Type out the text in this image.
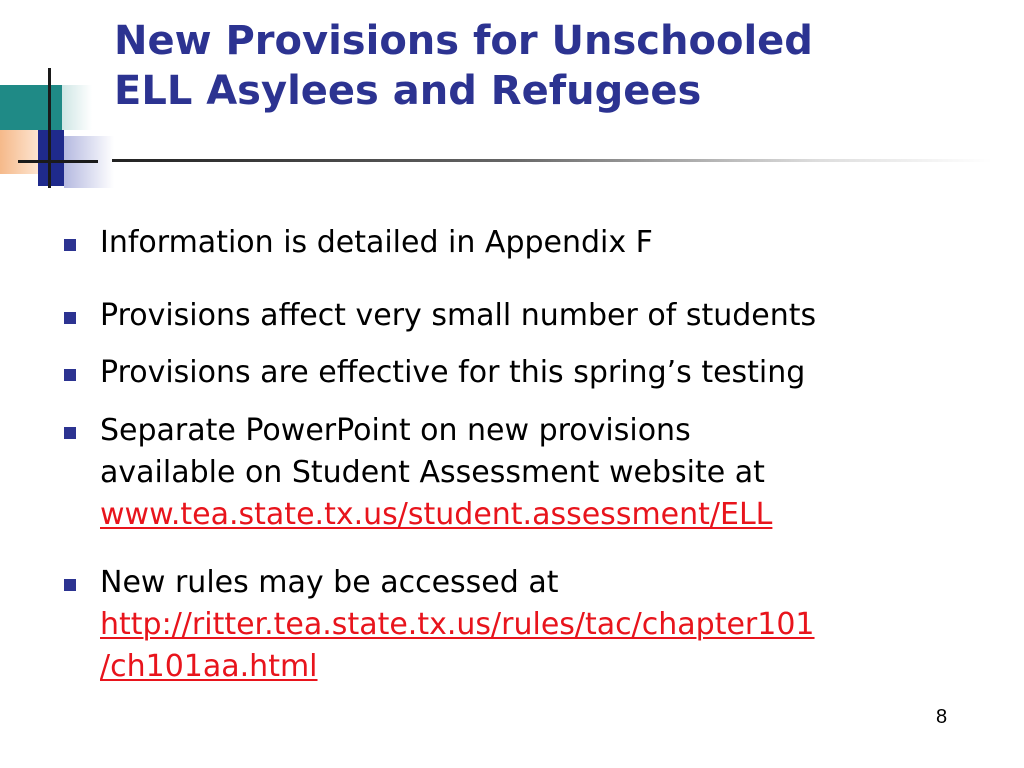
New Provisions for Unschooled
ELL Asylees and Refugees
Information is detailed in Appendix F
Provisions affect very small number of students
Provisions are effective for this spring’s testing
Separate PowerPoint on new provisions
available on Student Assessment website at
www.tea.state.tx.us/student.assessment/ELL
New rules may be accessed at
http://ritter.tea.state.tx.us/rules/tac/chapter101
/ch101aa.html
8
